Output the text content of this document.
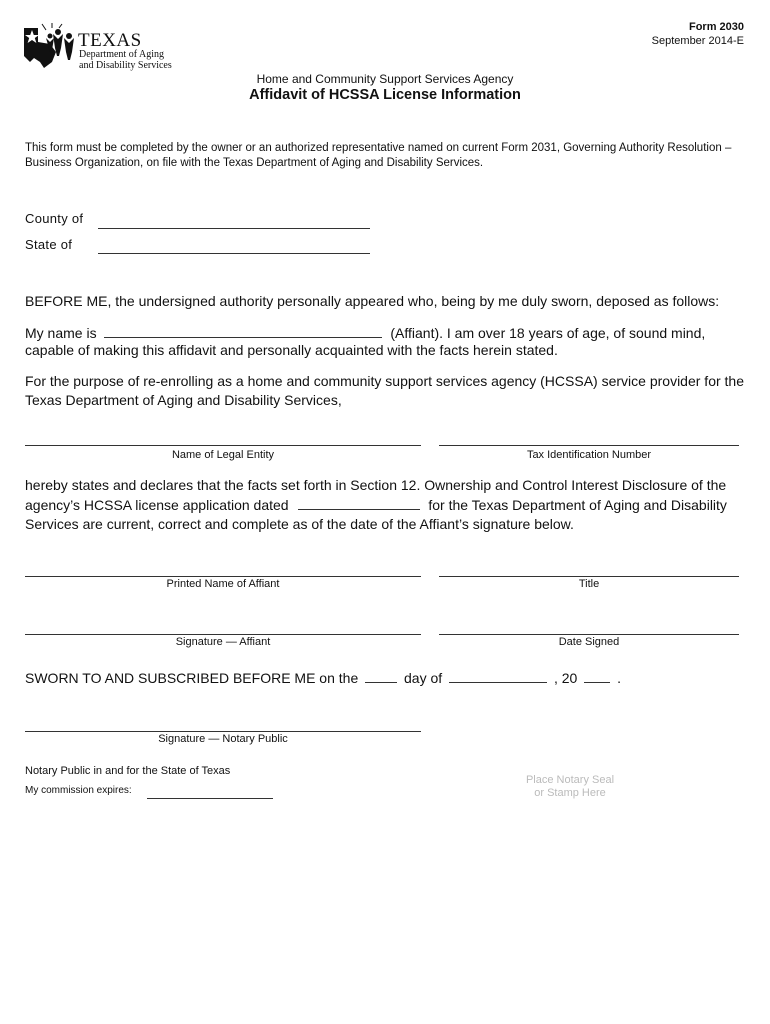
TEXAS
Department of Aging
and Disability Services
Form 2030
September 2014-E
Home and Community Support Services Agency
Affidavit of HCSSA License Information
This form must be completed by the owner or an authorized representative named on current Form 2031, Governing Authority Resolution –
Business Organization, on file with the Texas Department of Aging and Disability Services.
County of
State of
BEFORE ME, the undersigned authority personally appeared who, being by me duly sworn, deposed as follows:
My name is	(Affiant). I am over 18 years of age, of sound mind,
capable of making this affidavit and personally acquainted with the facts herein stated.
For the purpose of re-enrolling as a home and community support services agency (HCSSA) service provider for the
Texas Department of Aging and Disability Services,
Name of Legal Entity	Tax Identification Number
hereby states and declares that the facts set forth in Section 12. Ownership and Control Interest Disclosure of the
agency’s HCSSA license application dated	for the Texas Department of Aging and Disability
Services are current, correct and complete as of the date of the Affiant’s signature below.
Printed Name of Affiant	Title
Signature — Affiant	Date Signed
SWORN TO AND SUBSCRIBED BEFORE ME on the	day of	, 20	.
Signature — Notary Public
Notary Public in and for the State of Texas
My commission expires:
Place Notary Seal
or Stamp Here
